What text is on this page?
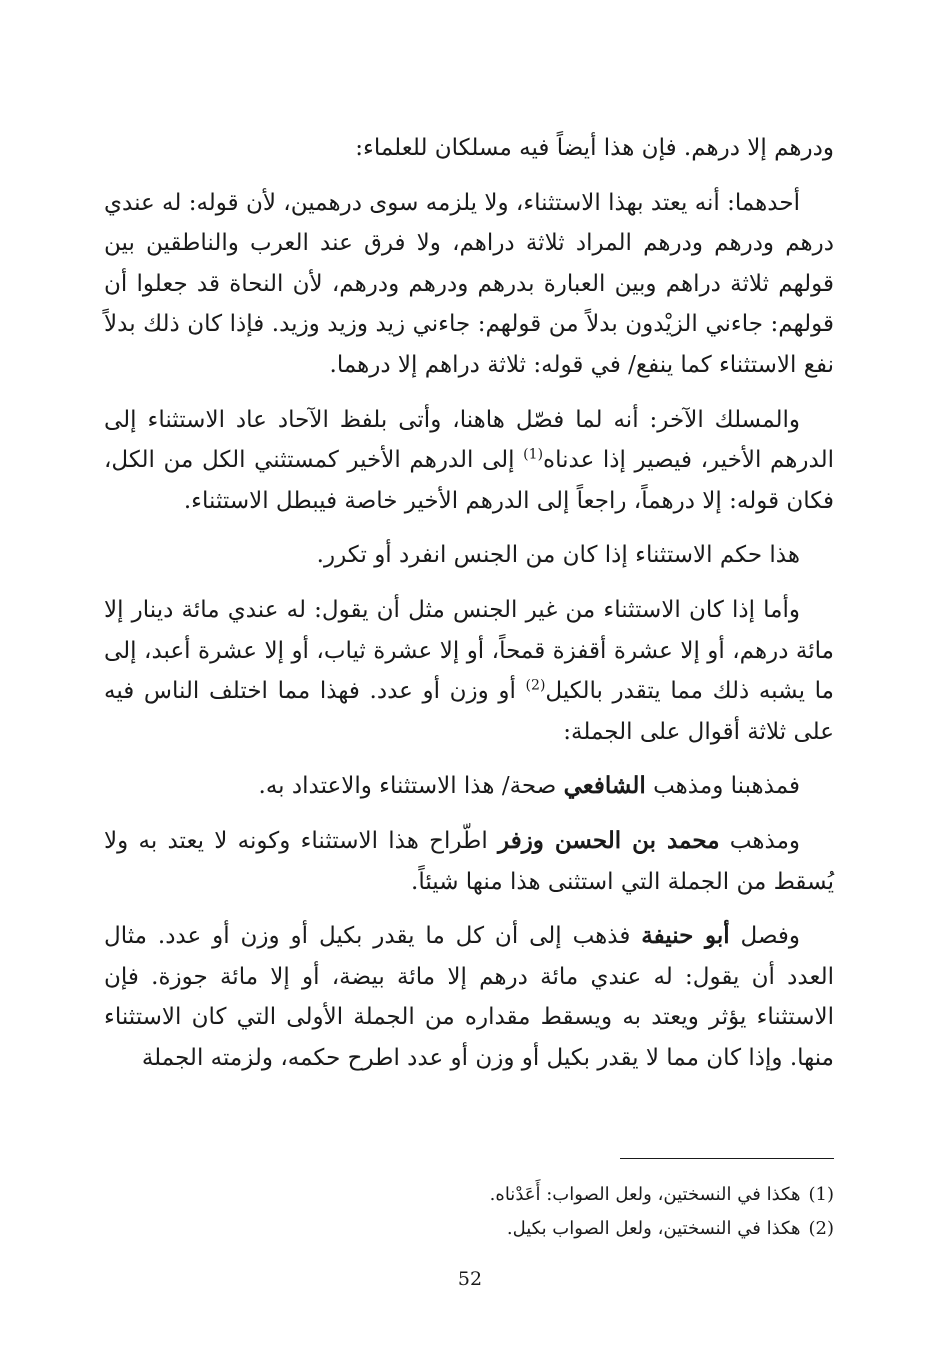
ودرهم إلا درهم. فإن هذا أيضاً فيه مسلكان للعلماء:

أحدهما: أنه يعتد بهذا الاستثناء، ولا يلزمه سوى درهمين، لأن قوله: له عندي درهم ودرهم ودرهم المراد ثلاثة دراهم، ولا فرق عند العرب والناطقين بين قولهم ثلاثة دراهم وبين العبارة بدرهم ودرهم ودرهم، لأن النحاة قد جعلوا أن قولهم: جاءني الزيْدون بدلاً من قولهم: جاءني زيد وزيد وزيد. فإذا كان ذلك بدلاً نفع الاستثناء كما ينفع/ في قوله: ثلاثة دراهم إلا درهما.

والمسلك الآخر: أنه لما فصّل هاهنا، وأتى بلفظ الآحاد عاد الاستثناء إلى الدرهم الأخير، فيصير إذا عدناه$^{(1)}$ إلى الدرهم الأخير كمستثني الكل من الكل، فكان قوله: إلا درهماً، راجعاً إلى الدرهم الأخير خاصة فيبطل الاستثناء.

هذا حكم الاستثناء إذا كان من الجنس انفرد أو تكرر.

وأما إذا كان الاستثناء من غير الجنس مثل أن يقول: له عندي مائة دينار إلا مائة درهم، أو إلا عشرة أقفزة قمحاً، أو إلا عشرة ثياب، أو إلا عشرة أعبد، إلى ما يشبه ذلك مما يتقدر بالكيل$^{(2)}$ أو وزن أو عدد. فهذا مما اختلف الناس فيه على ثلاثة أقوال على الجملة:

فمذهبنا ومذهب الشافعي صحة/ هذا الاستثناء والاعتداد به.

ومذهب محمد بن الحسن وزفر اطّراح هذا الاستثناء وكونه لا يعتد به ولا يُسقط من الجملة التي استثنى هذا منها شيئاً.

وفصل أبو حنيفة فذهب إلى أن كل ما يقدر بكيل أو وزن أو عدد. مثال العدد أن يقول: له عندي مائة درهم إلا مائة بيضة، أو إلا مائة جوزة. فإن الاستثناء يؤثر ويعتد به ويسقط مقداره من الجملة الأولى التي كان الاستثناء منها. وإذا كان مما لا يقدر بكيل أو وزن أو عدد اطرح حكمه، ولزمته الجملة

(1)هكذا في النسختين، ولعل الصواب: أَعَدْناه.
(2)هكذا في النسختين، ولعل الصواب بكيل.
52
